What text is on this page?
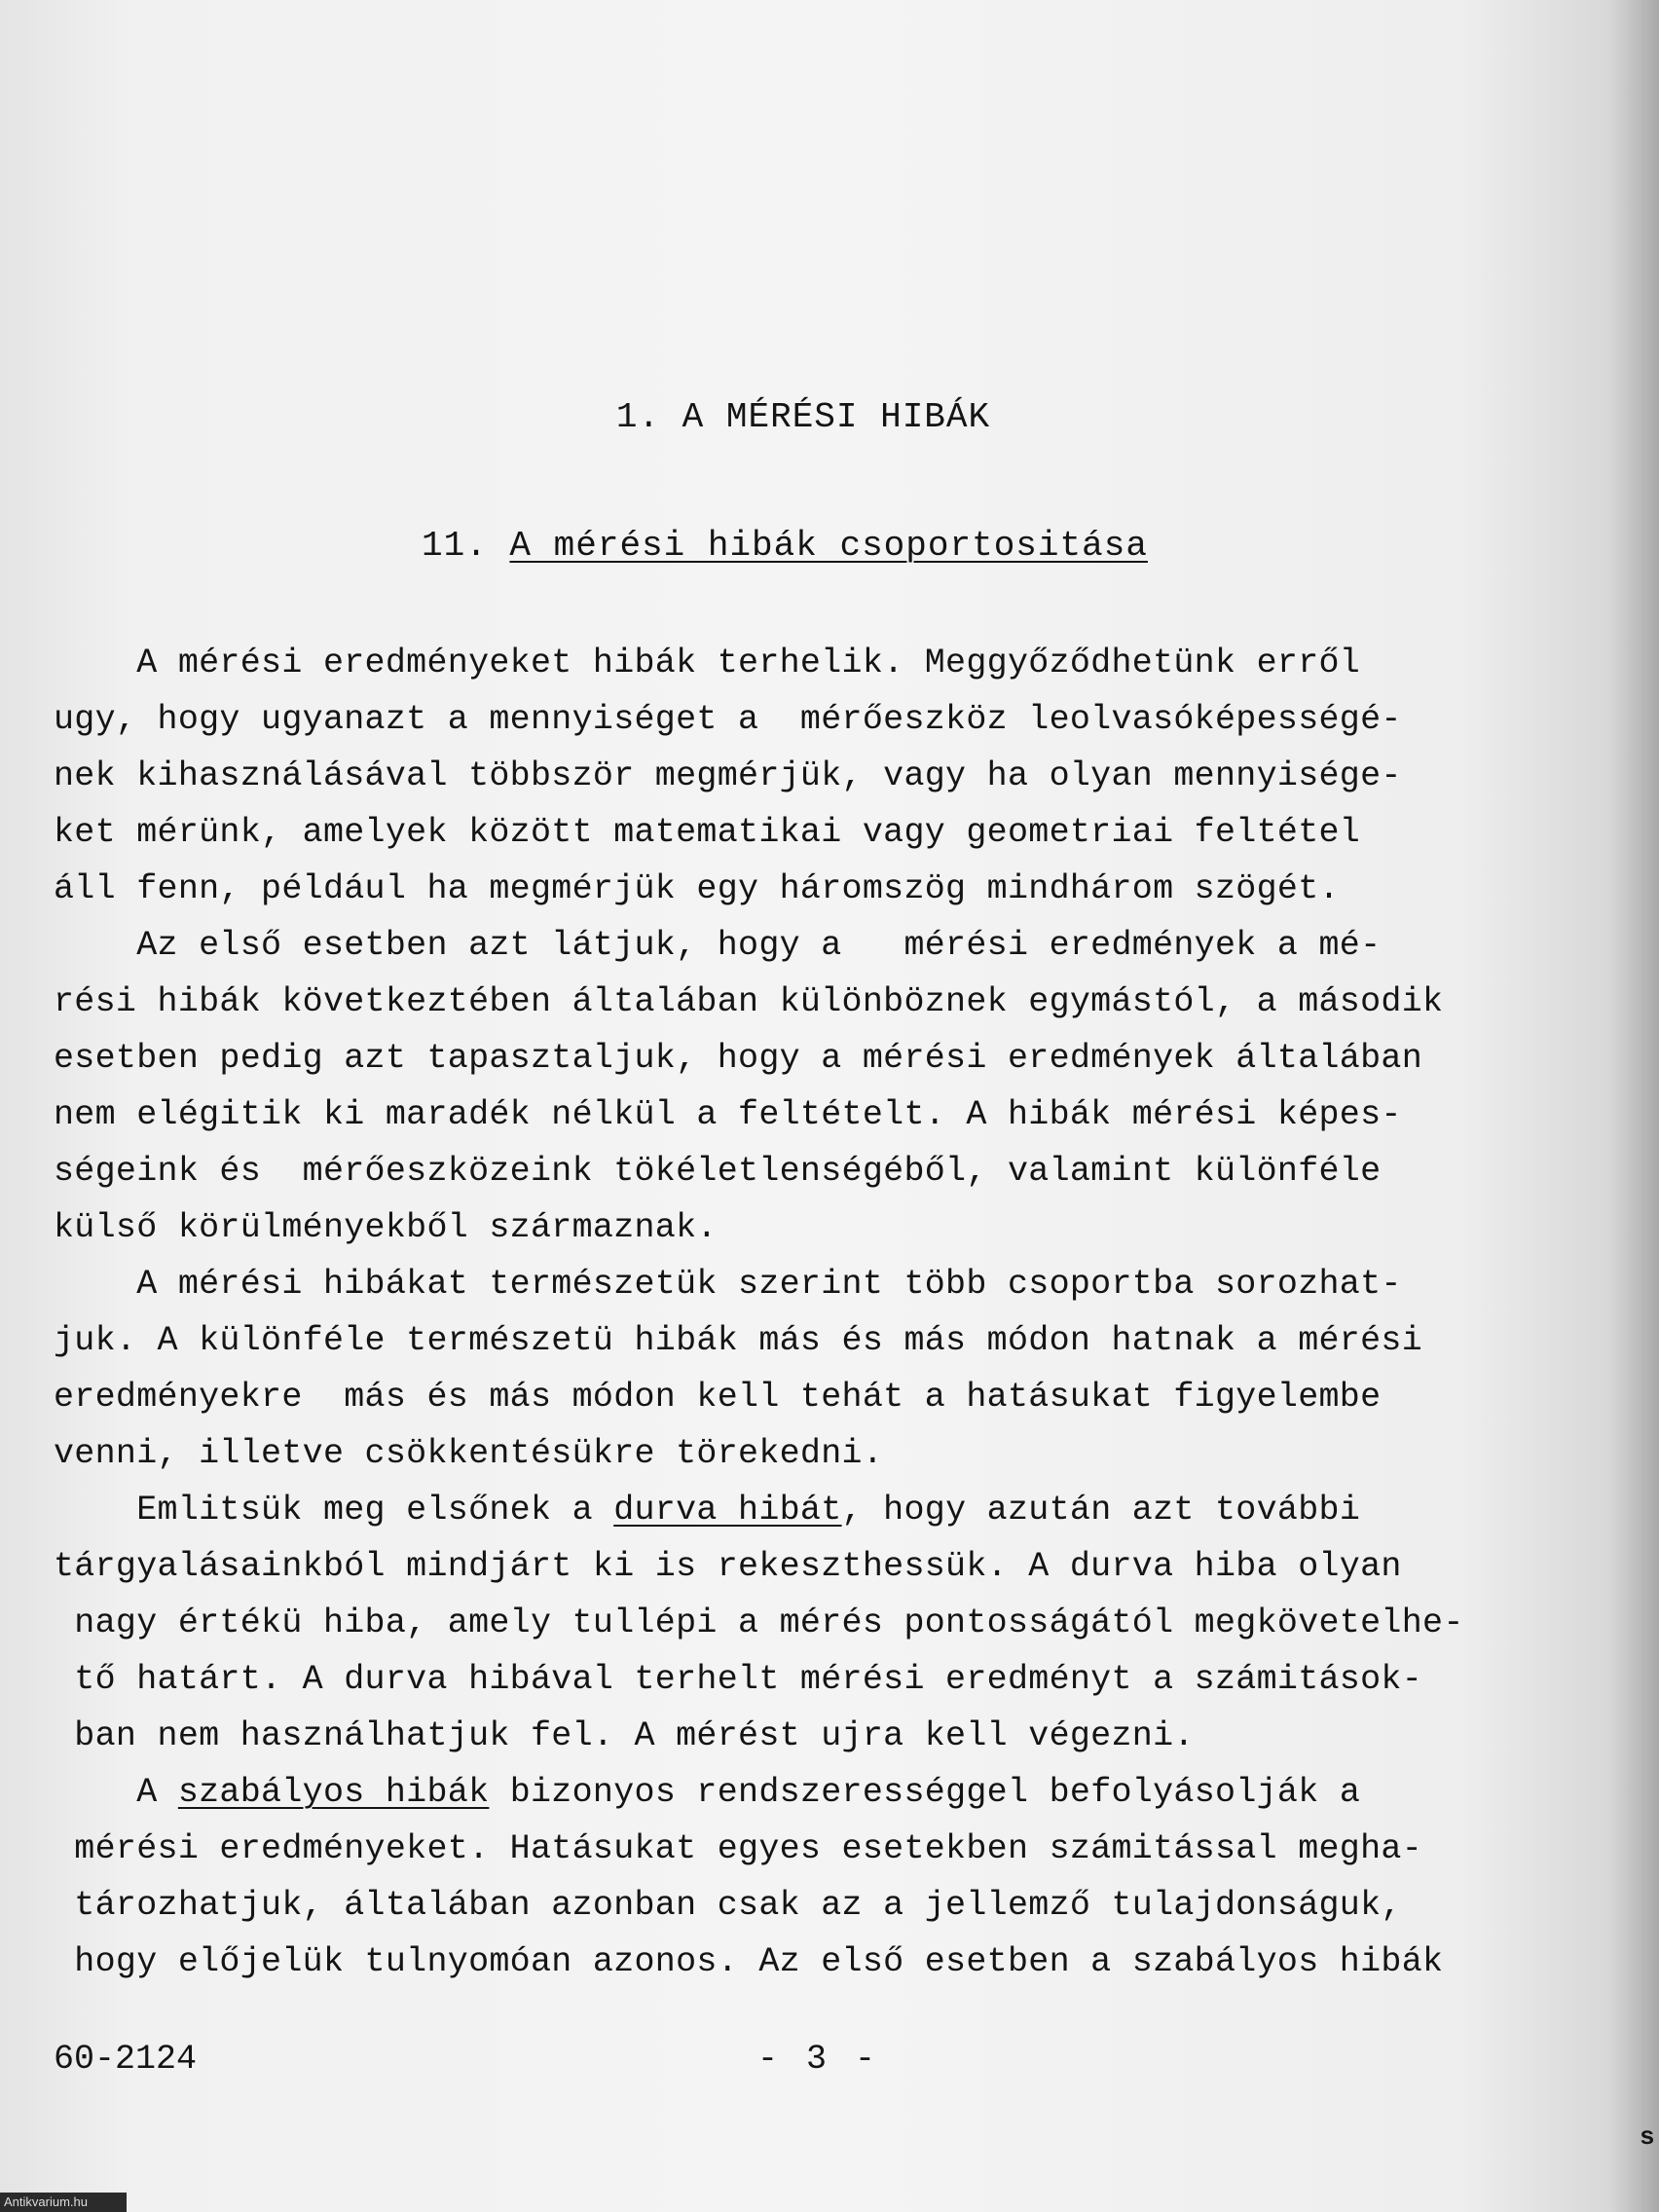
1. A MÉRÉSI HIBÁK
11. A mérési hibák csoportositása
A mérési eredményeket hibák terhelik. Meggyőződhetünk erről
ugy, hogy ugyanazt a mennyiséget a  mérőeszköz leolvasóképességé-
nek kihasználásával többször megmérjük, vagy ha olyan mennyisége-
ket mérünk, amelyek között matematikai vagy geometriai feltétel
áll fenn, például ha megmérjük egy háromszög mindhárom szögét.
Az első esetben azt látjuk, hogy a   mérési eredmények a mé-
rési hibák következtében általában különböznek egymástól, a második
esetben pedig azt tapasztaljuk, hogy a mérési eredmények általában
nem elégitik ki maradék nélkül a feltételt. A hibák mérési képes-
ségeink és  mérőeszközeink tökéletlenségéből, valamint különféle
külső körülményekből származnak.
A mérési hibákat természetük szerint több csoportba sorozhat-
juk. A különféle természetü hibák más és más módon hatnak a mérési
eredményekre  más és más módon kell tehát a hatásukat figyelembe
venni, illetve csökkentésükre törekedni.
Emlitsük meg elsőnek a durva hibát, hogy azután azt további
tárgyalásainkból mindjárt ki is rekeszthessük. A durva hiba olyan
nagy értékü hiba, amely tullépi a mérés pontosságától megkövetelhe-
tő határt. A durva hibával terhelt mérési eredményt a számitások-
ban nem használhatjuk fel. A mérést ujra kell végezni.
A szabályos hibák bizonyos rendszerességgel befolyásolják a
mérési eredményeket. Hatásukat egyes esetekben számitással megha-
tározhatjuk, általában azonban csak az a jellemző tulajdonságuk,
hogy előjelük tulnyomóan azonos. Az első esetben a szabályos hibák
60-2124	- 3 -
s
Antikvarium.hu
